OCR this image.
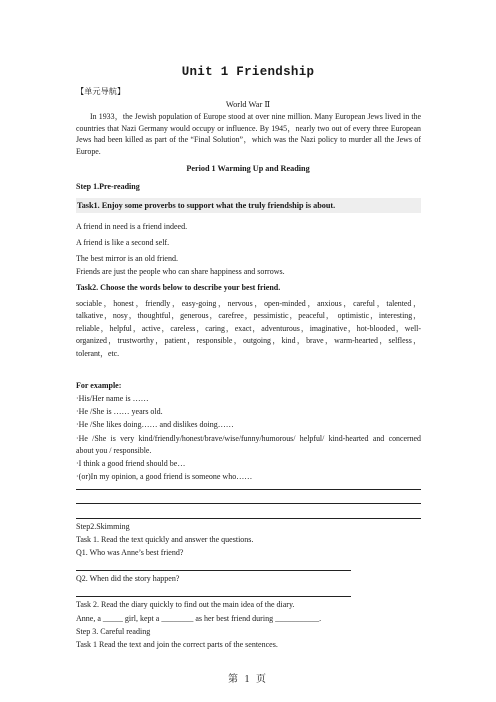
Unit 1 Friendship
【单元导航】
World War Ⅱ
In 1933，the Jewish population of Europe stood at over nine million. Many European Jews lived in the countries that Nazi Germany would occupy or influence. By 1945，nearly two out of every three European Jews had been killed as part of the “Final Solution”，which was the Nazi policy to murder all the Jews of Europe.
Period 1 Warming Up and Reading
Step 1.Pre-reading
Task1. Enjoy some proverbs to support what the truly friendship is about.
A friend in need is a friend indeed.
A friend is like a second self.
The best mirror is an old friend.
Friends are just the people who can share happiness and sorrows.
Task2. Choose the words below to describe your best friend.
sociable，honest，friendly，easy-going，nervous，open-minded，anxious，careful，talented，talkative，nosy，thoughtful，generous，carefree，pessimistic，peaceful， optimistic，interesting，reliable，helpful，active，careless，caring，exact，adventurous，imaginative，hot-blooded，well-organized，trustworthy，patient，responsible，outgoing，kind，brave，warm-hearted，selfless，tolerant，etc.
For example:
·His/Her name is ……
·He /She is …… years old.
·He /She likes doing…… and dislikes doing……
·He /She is very kind/friendly/honest/brave/wise/funny/humorous/ helpful/ kind-hearted and concerned about you / responsible.
·I think a good friend should be…
·(or)In my opinion, a good friend is someone who……
Step2.Skimming
Task 1. Read the text quickly and answer the questions.
Q1. Who was Anne’s best friend?
Q2. When did the story happen?
Task 2. Read the diary quickly to find out the main idea of the diary.
Anne, a _____ girl, kept a ________ as her best friend during ___________.
Step 3. Careful reading
Task 1 Read the text and join the correct parts of the sentences.
第 1 页
